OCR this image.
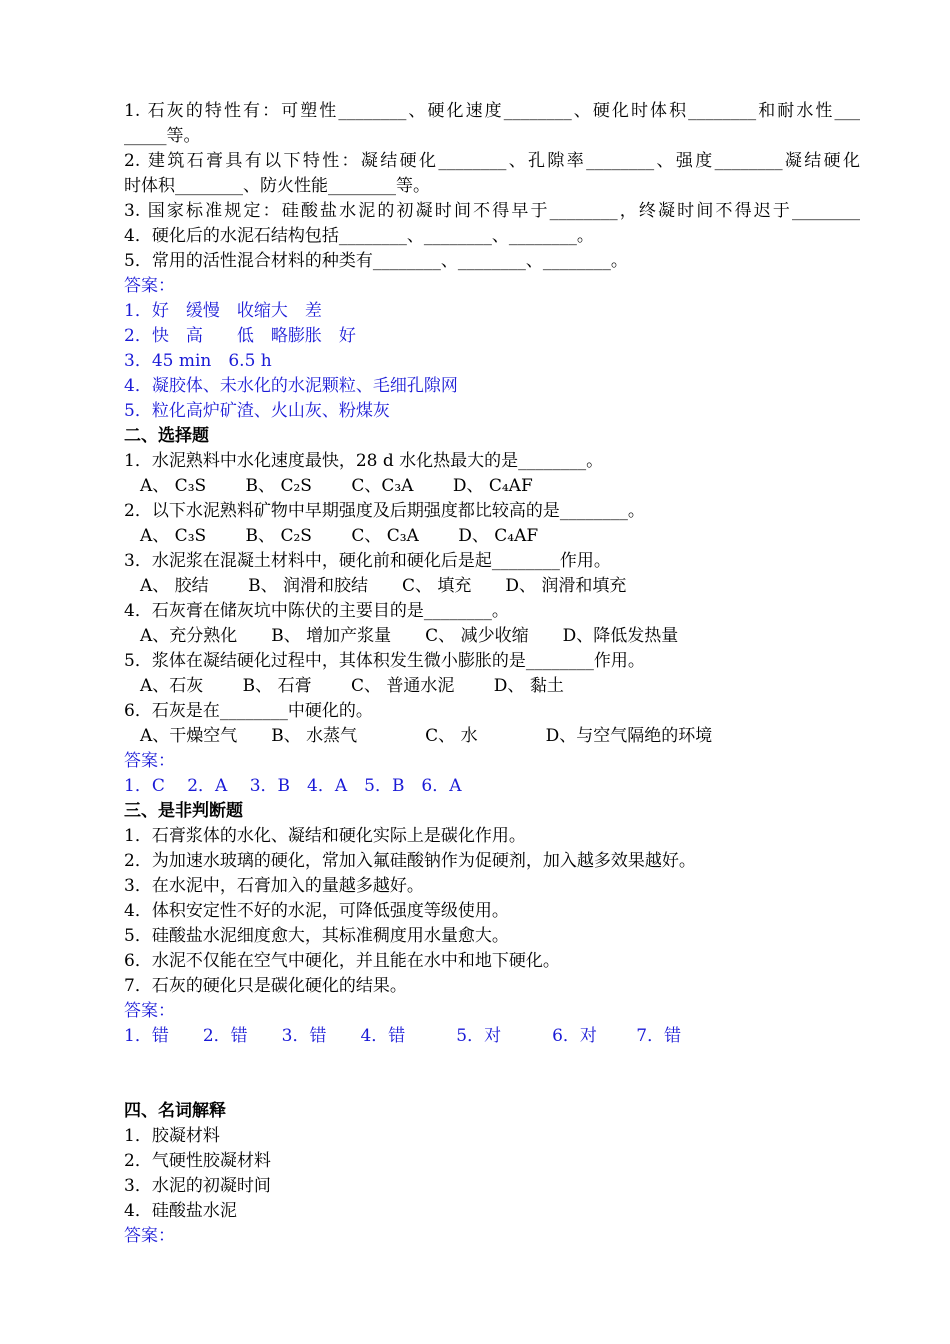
1. 石灰的特性有：可塑性________、硬化速度________、硬化时体积________和耐水性___
_____等。
2. 建筑石膏具有以下特性：凝结硬化________、孔隙率________、强度________凝结硬化
时体积________、防火性能________等。
3. 国家标准规定：硅酸盐水泥的初凝时间不得早于________，终凝时间不得迟于________
4．硬化后的水泥石结构包括________、________、________。
5．常用的活性混合材料的种类有________、________、________。
答案：
1．好　缓慢　收缩大　差
2．快　高　　低　略膨胀　好
3．45 min　6.5 h
4．凝胶体、未水化的水泥颗粒、毛细孔隙网
5．粒化高炉矿渣、火山灰、粉煤灰
二、选择题
1．水泥熟料中水化速度最快，28 d 水化热最大的是________。
A、 C₃S　　 B、 C₂S　　 C、C₃A　　 D、 C₄AF
2．以下水泥熟料矿物中早期强度及后期强度都比较高的是________。
A、 C₃S　　 B、 C₂S　　 C、 C₃A　　 D、 C₄AF
3．水泥浆在混凝土材料中，硬化前和硬化后是起________作用。
A、 胶结　　 B、 润滑和胶结　　C、 填充　　D、 润滑和填充
4．石灰膏在储灰坑中陈伏的主要目的是________。
A、充分熟化　　B、 增加产浆量　　C、 减少收缩　　D、降低发热量
5．浆体在凝结硬化过程中，其体积发生微小膨胀的是________作用。
A、石灰　　 B、 石膏　　 C、 普通水泥　　 D、 黏土
6．石灰是在________中硬化的。
A、干燥空气　　B、 水蒸气　　　　C、 水　　　　D、与空气隔绝的环境
答案：
1．C　 2．A　 3．B　4．A　5．B　6．A
三、是非判断题
1．石膏浆体的水化、凝结和硬化实际上是碳化作用。
2．为加速水玻璃的硬化，常加入氟硅酸钠作为促硬剂，加入越多效果越好。
3．在水泥中，石膏加入的量越多越好。
4．体积安定性不好的水泥，可降低强度等级使用。
5．硅酸盐水泥细度愈大，其标准稠度用水量愈大。
6．水泥不仅能在空气中硬化，并且能在水中和地下硬化。
7．石灰的硬化只是碳化硬化的结果。
答案：
1．错　　2．错　　3．错　　4．错　　　5．对　　　6．对　　 7．错
四、名词解释
1．胶凝材料
2．气硬性胶凝材料
3．水泥的初凝时间
4．硅酸盐水泥
答案：
